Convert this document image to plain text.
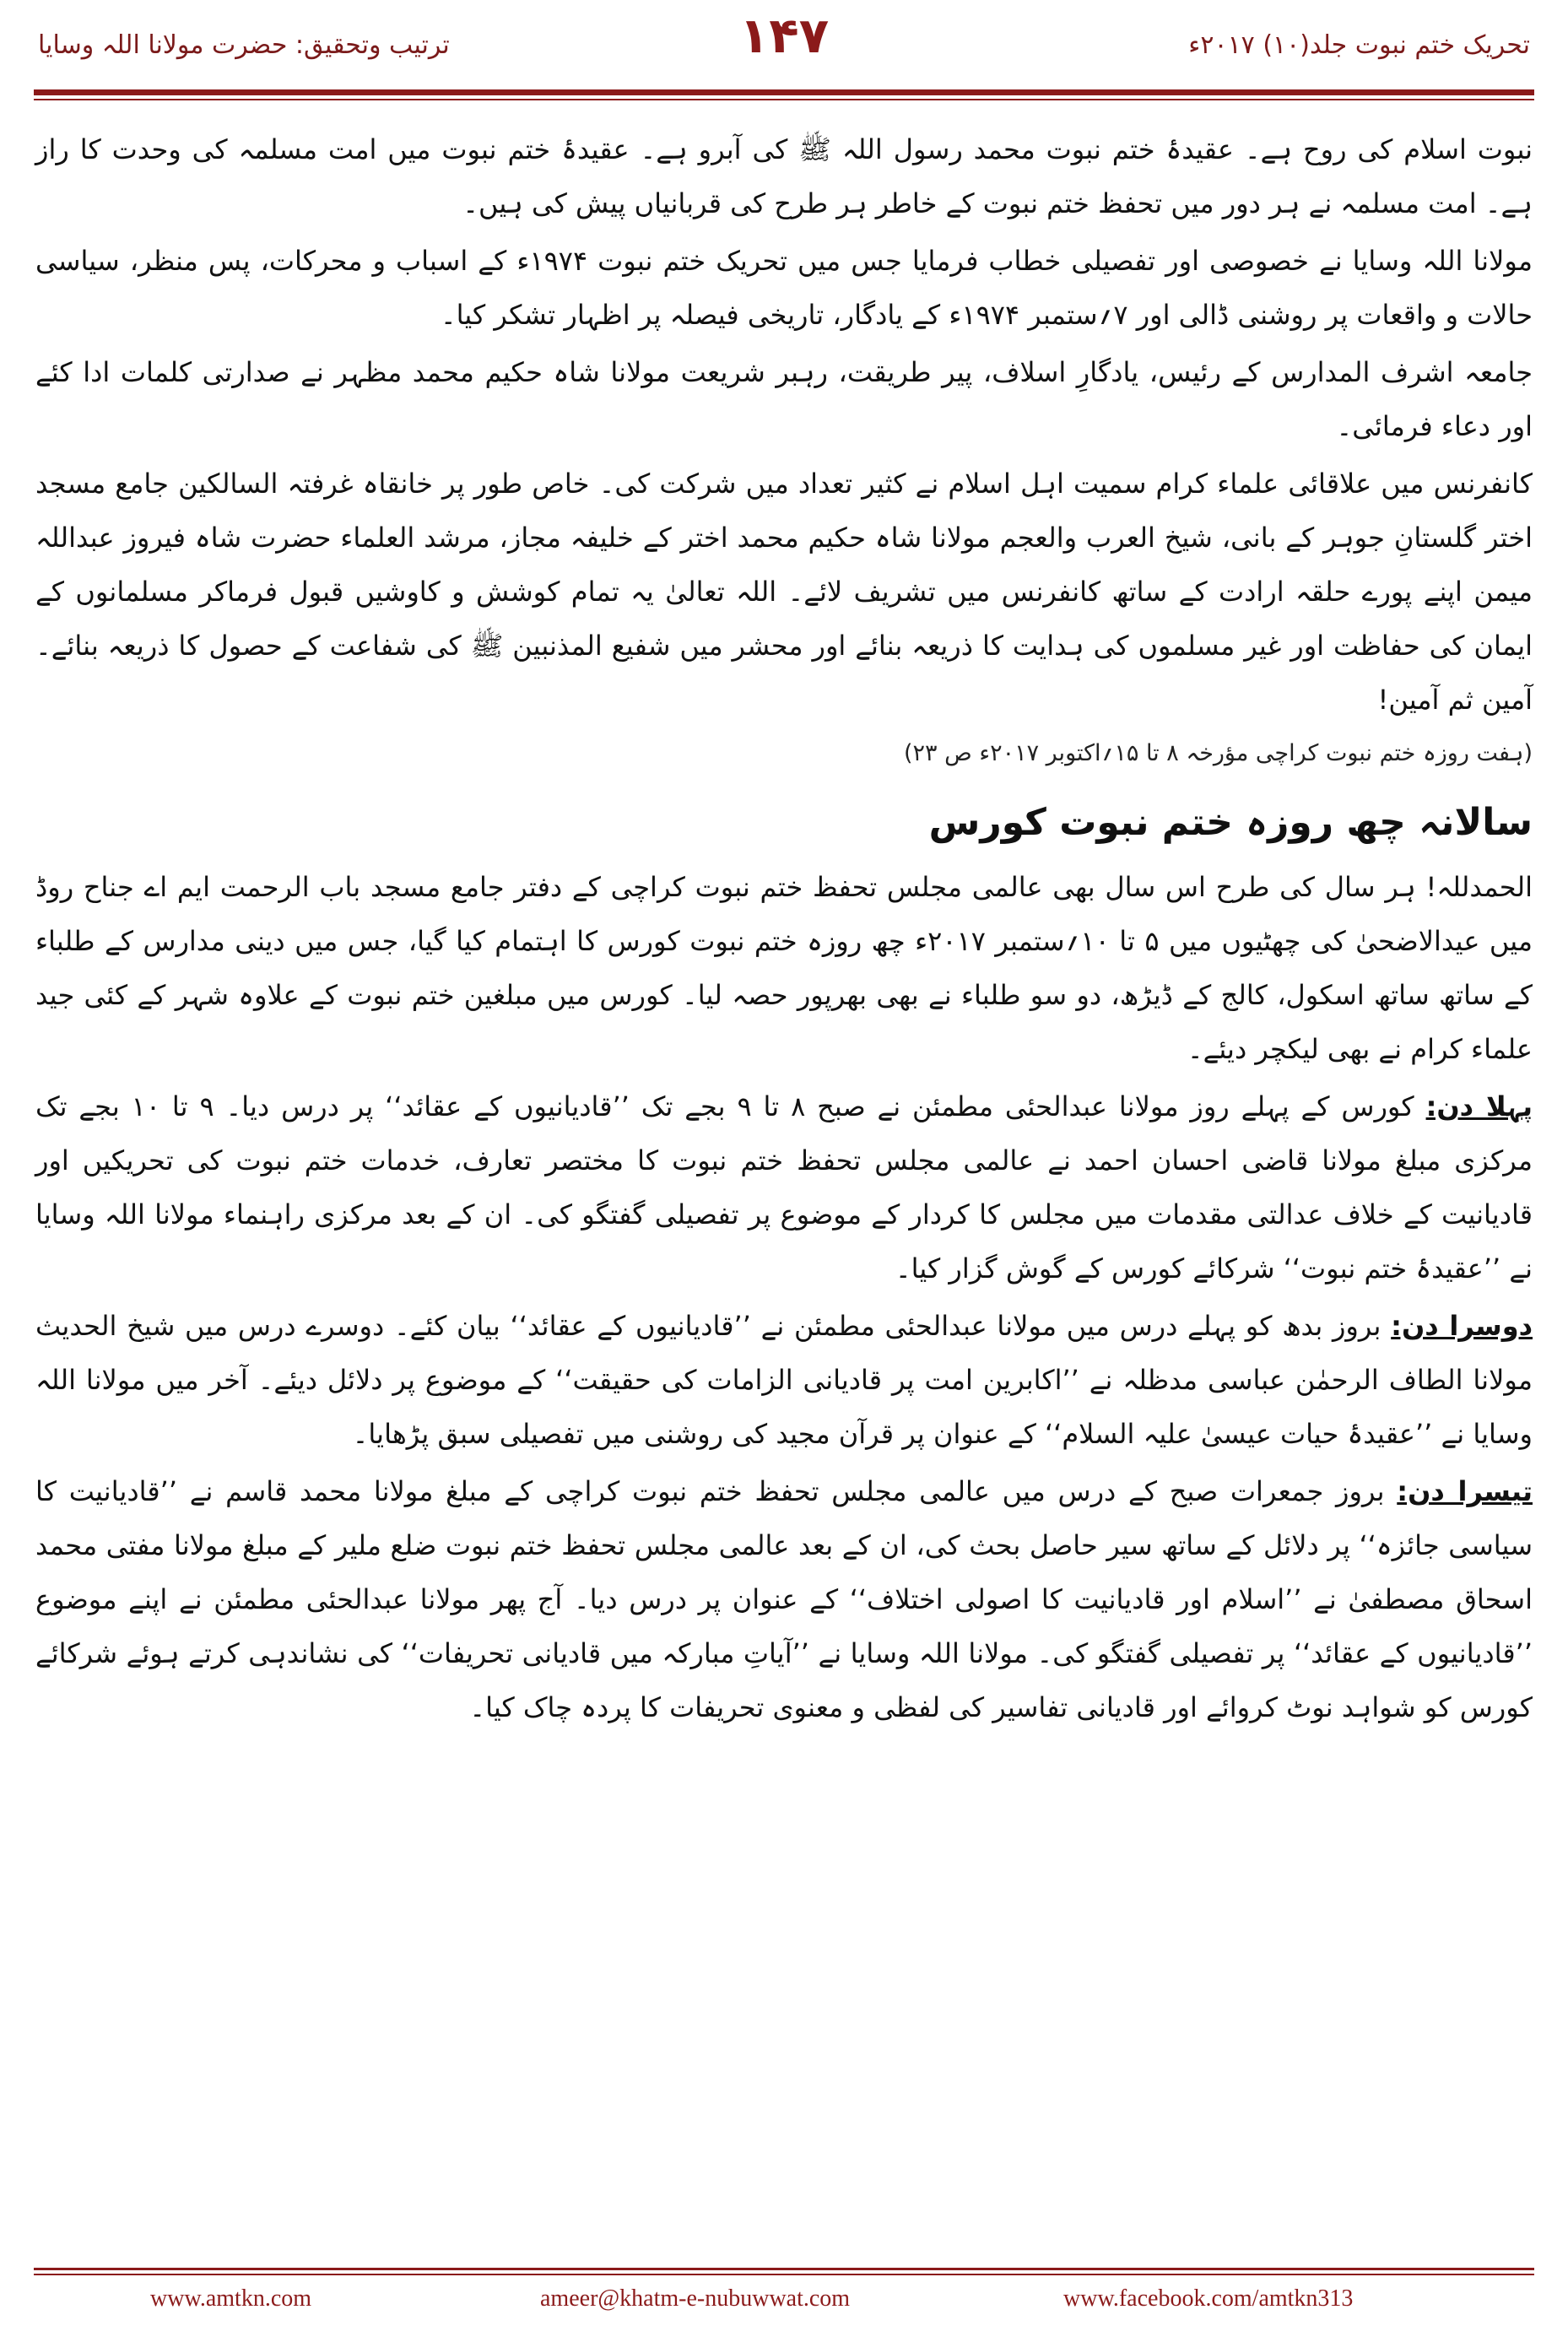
تحریک ختم نبوت جلد(۱۰) ۲۰۱۷ء
۱۴۷
ترتیب وتحقیق: حضرت مولانا اللہ وسایا

نبوت اسلام کی روح ہے۔ عقیدۂ ختم نبوت محمد رسول اللہ ﷺ کی آبرو ہے۔ عقیدۂ ختم نبوت میں امت مسلمہ کی وحدت کا راز ہے۔ امت مسلمہ نے ہر دور میں تحفظ ختم نبوت کے خاطر ہر طرح کی قربانیاں پیش کی ہیں۔

مولانا اللہ وسایا نے خصوصی اور تفصیلی خطاب فرمایا جس میں تحریک ختم نبوت ۱۹۷۴ء کے اسباب و محرکات، پس منظر، سیاسی حالات و واقعات پر روشنی ڈالی اور ۷؍ستمبر ۱۹۷۴ء کے یادگار، تاریخی فیصلہ پر اظہار تشکر کیا۔

جامعہ اشرف المدارس کے رئیس، یادگارِ اسلاف، پیر طریقت، رہبر شریعت مولانا شاہ حکیم محمد مظہر نے صدارتی کلمات ادا کئے اور دعاء فرمائی۔

کانفرنس میں علاقائی علماء کرام سمیت اہل اسلام نے کثیر تعداد میں شرکت کی۔ خاص طور پر خانقاہ غرفتہ السالکین جامع مسجد اختر گلستانِ جوہر کے بانی، شیخ العرب والعجم مولانا شاہ حکیم محمد اختر کے خلیفہ مجاز، مرشد العلماء حضرت شاہ فیروز عبداللہ میمن اپنے پورے حلقہ ارادت کے ساتھ کانفرنس میں تشریف لائے۔ اللہ تعالیٰ یہ تمام کوشش و کاوشیں قبول فرماکر مسلمانوں کے ایمان کی حفاظت اور غیر مسلموں کی ہدایت کا ذریعہ بنائے اور محشر میں شفیع المذنبین ﷺ کی شفاعت کے حصول کا ذریعہ بنائے۔ آمین ثم آمین!

(ہفت روزہ ختم نبوت کراچی مؤرخہ ۸ تا ۱۵؍اکتوبر ۲۰۱۷ء ص ۲۳)

سالانہ چھ روزہ ختم نبوت کورس

الحمدللہ! ہر سال کی طرح اس سال بھی عالمی مجلس تحفظ ختم نبوت کراچی کے دفتر جامع مسجد باب الرحمت ایم اے جناح روڈ میں عیدالاضحیٰ کی چھٹیوں میں ۵ تا ۱۰؍ستمبر ۲۰۱۷ء چھ روزہ ختم نبوت کورس کا اہتمام کیا گیا، جس میں دینی مدارس کے طلباء کے ساتھ ساتھ اسکول، کالج کے ڈیڑھ، دو سو طلباء نے بھی بھرپور حصہ لیا۔ کورس میں مبلغین ختم نبوت کے علاوہ شہر کے کئی جید علماء کرام نے بھی لیکچر دیئے۔

پہلا دن: کورس کے پہلے روز مولانا عبدالحئی مطمئن نے صبح ۸ تا ۹ بجے تک ’’قادیانیوں کے عقائد‘‘ پر درس دیا۔ ۹ تا ۱۰ بجے تک مرکزی مبلغ مولانا قاضی احسان احمد نے عالمی مجلس تحفظ ختم نبوت کا مختصر تعارف، خدمات ختم نبوت کی تحریکیں اور قادیانیت کے خلاف عدالتی مقدمات میں مجلس کا کردار کے موضوع پر تفصیلی گفتگو کی۔ ان کے بعد مرکزی راہنماء مولانا اللہ وسایا نے ’’عقیدۂ ختم نبوت‘‘ شرکائے کورس کے گوش گزار کیا۔

دوسرا دن: بروز بدھ کو پہلے درس میں مولانا عبدالحئی مطمئن نے ’’قادیانیوں کے عقائد‘‘ بیان کئے۔ دوسرے درس میں شیخ الحدیث مولانا الطاف الرحمٰن عباسی مدظلہ نے ’’اکابرین امت پر قادیانی الزامات کی حقیقت‘‘ کے موضوع پر دلائل دیئے۔ آخر میں مولانا اللہ وسایا نے ’’عقیدۂ حیات عیسیٰ علیہ السلام‘‘ کے عنوان پر قرآن مجید کی روشنی میں تفصیلی سبق پڑھایا۔

تیسرا دن: بروز جمعرات صبح کے درس میں عالمی مجلس تحفظ ختم نبوت کراچی کے مبلغ مولانا محمد قاسم نے ’’قادیانیت کا سیاسی جائزہ‘‘ پر دلائل کے ساتھ سیر حاصل بحث کی، ان کے بعد عالمی مجلس تحفظ ختم نبوت ضلع ملیر کے مبلغ مولانا مفتی محمد اسحاق مصطفیٰ نے ’’اسلام اور قادیانیت کا اصولی اختلاف‘‘ کے عنوان پر درس دیا۔ آج پھر مولانا عبدالحئی مطمئن نے اپنے موضوع ’’قادیانیوں کے عقائد‘‘ پر تفصیلی گفتگو کی۔ مولانا اللہ وسایا نے ’’آیاتِ مبارکہ میں قادیانی تحریفات‘‘ کی نشاندہی کرتے ہوئے شرکائے کورس کو شواہد نوٹ کروائے اور قادیانی تفاسیر کی لفظی و معنوی تحریفات کا پردہ چاک کیا۔

www.amtkn.com	ameer@khatm-e-nubuwwat.com	www.facebook.com/amtkn313
